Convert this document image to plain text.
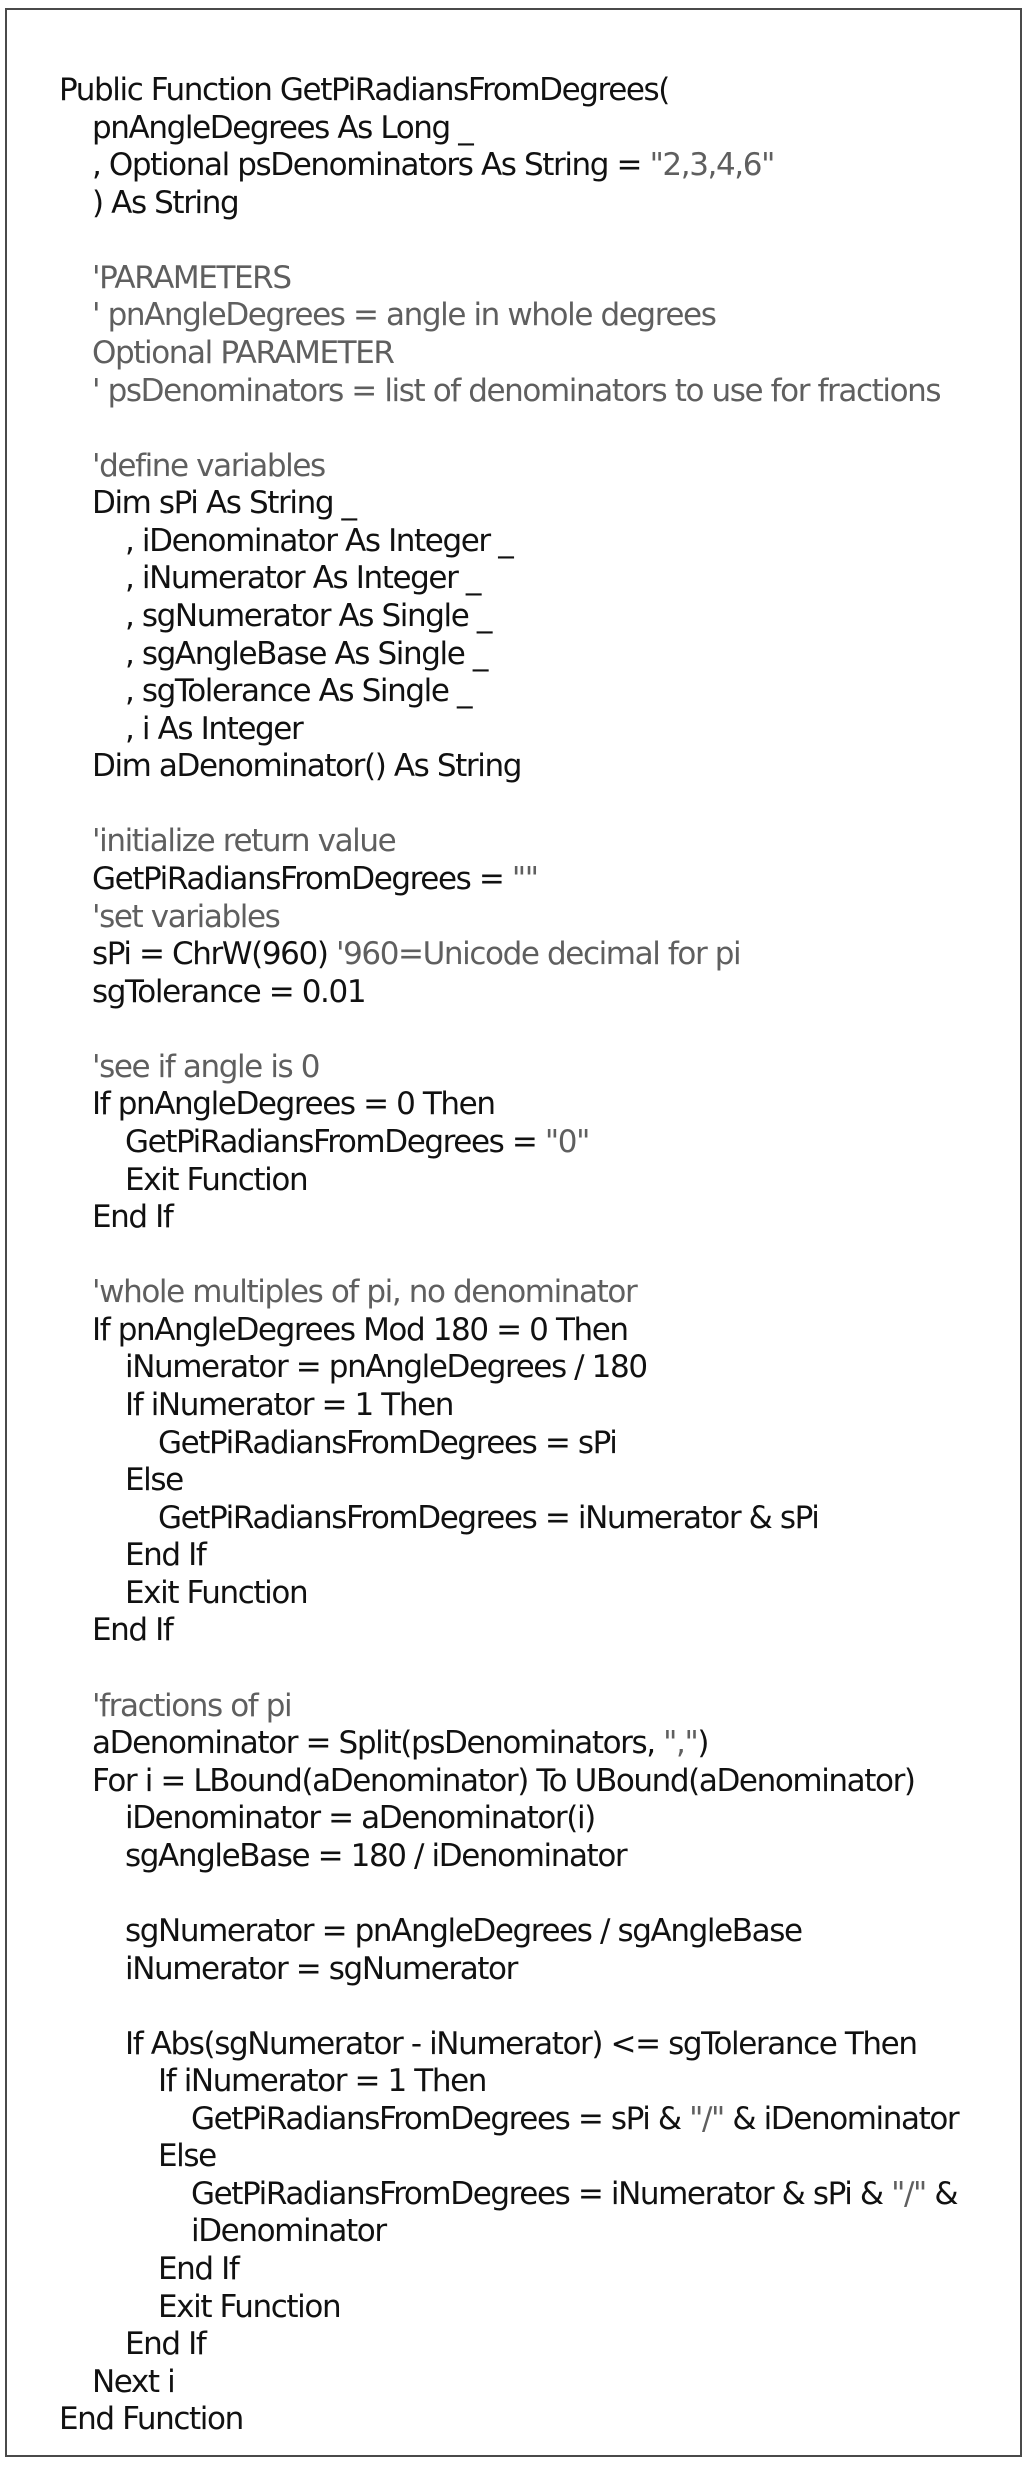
Public Function GetPiRadiansFromDegrees(
pnAngleDegrees As Long _
, Optional psDenominators As String = "2,3,4,6"
) As String
'PARAMETERS
' pnAngleDegrees = angle in whole degrees
Optional PARAMETER
' psDenominators = list of denominators to use for fractions
'define variables
Dim sPi As String _
, iDenominator As Integer _
, iNumerator As Integer _
, sgNumerator As Single _
, sgAngleBase As Single _
, sgTolerance As Single _
, i As Integer
Dim aDenominator() As String
'initialize return value
GetPiRadiansFromDegrees = ""
'set variables
sPi = ChrW(960) '960=Unicode decimal for pi
sgTolerance = 0.01
'see if angle is 0
If pnAngleDegrees = 0 Then
GetPiRadiansFromDegrees = "0"
Exit Function
End If
'whole multiples of pi, no denominator
If pnAngleDegrees Mod 180 = 0 Then
iNumerator = pnAngleDegrees / 180
If iNumerator = 1 Then
GetPiRadiansFromDegrees = sPi
Else
GetPiRadiansFromDegrees = iNumerator & sPi
End If
Exit Function
End If
'fractions of pi
aDenominator = Split(psDenominators, ",")
For i = LBound(aDenominator) To UBound(aDenominator)
iDenominator = aDenominator(i)
sgAngleBase = 180 / iDenominator
sgNumerator = pnAngleDegrees / sgAngleBase
iNumerator = sgNumerator
If Abs(sgNumerator - iNumerator) <= sgTolerance Then
If iNumerator = 1 Then
GetPiRadiansFromDegrees = sPi & "/" & iDenominator
Else
GetPiRadiansFromDegrees = iNumerator & sPi & "/" &
iDenominator
End If
Exit Function
End If
Next i
End Function
